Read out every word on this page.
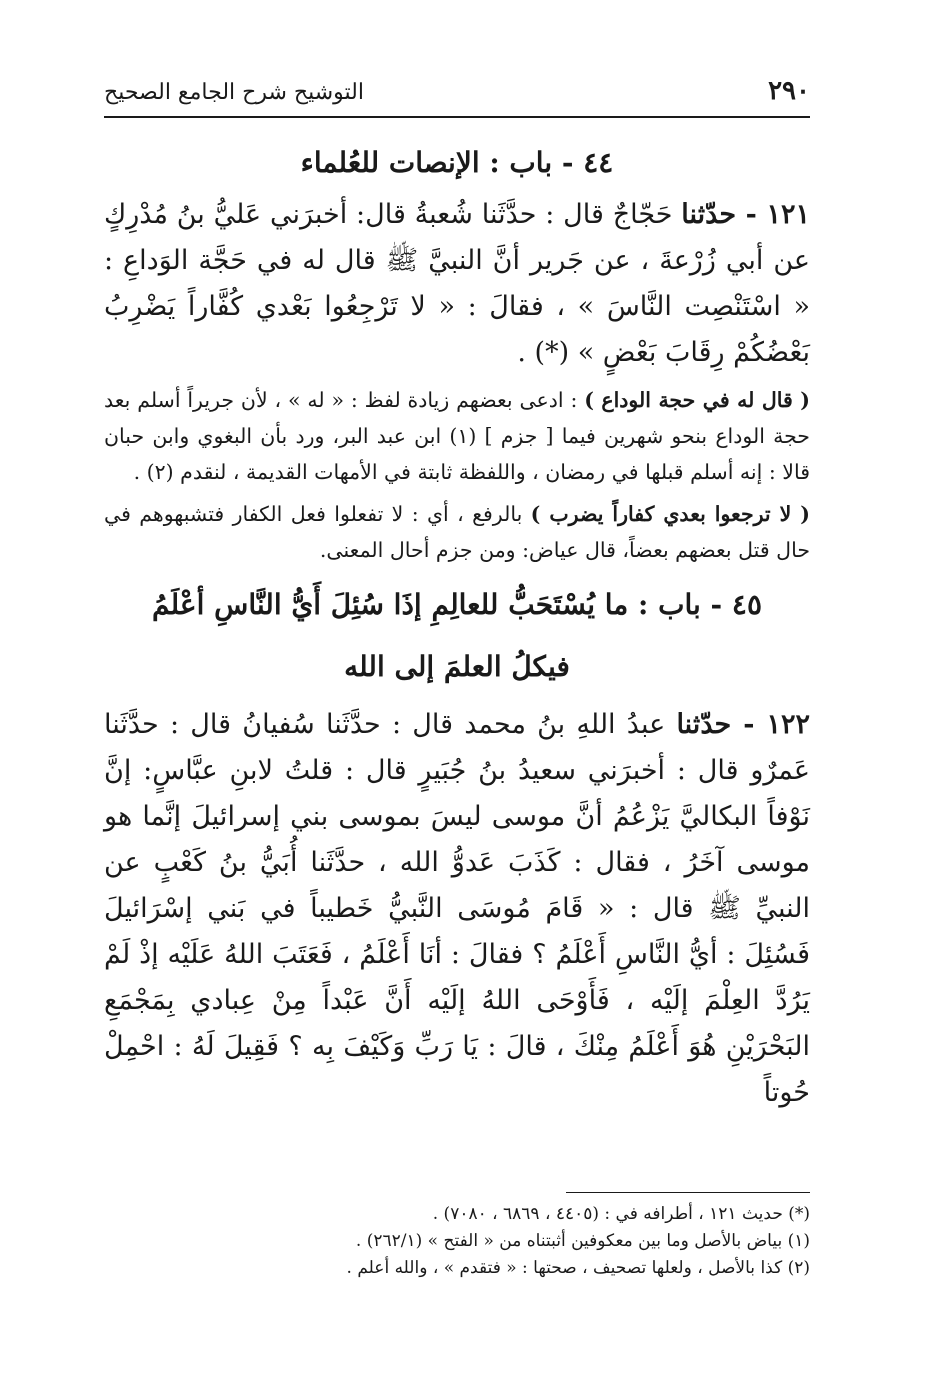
٢٩٠
التوشيح شرح الجامع الصحيح
٤٤ - باب : الإنصات للعُلماء

١٢١ - حدّثنا حَجّاجٌ قال : حدَّثَنا شُعبةُ قال: أخبرَني عَليُّ بنُ مُدْرِكٍ عن أبي زُرْعةَ ، عن جَرير أنَّ النبيَّ ﷺ قال له في حَجَّة الوَداعِ : « اسْتَنْصِت النَّاسَ » ، فقالَ : « لا تَرْجِعُوا بَعْدي كُفَّاراً يَضْرِبُ بَعْضُكُمْ رِقَابَ بَعْضٍ » (*) .

( قال له في حجة الوداع ) : ادعى بعضهم زيادة لفظ : « له » ، لأن جريراً أسلم بعد حجة الوداع بنحو شهرين فيما [ جزم ] (١) ابن عبد البر، ورد بأن البغوي وابن حبان قالا : إنه أسلم قبلها في رمضان ، واللفظة ثابتة في الأمهات القديمة ، لنقدم (٢) .

( لا ترجعوا بعدي كفاراً يضرب ) بالرفع ، أي : لا تفعلوا فعل الكفار فتشبهوهم في حال قتل بعضهم بعضاً، قال عياض: ومن جزم أحال المعنى.

٤٥ - باب : ما يُسْتَحَبُّ للعالِمِ إذَا سُئِلَ أَيُّ النَّاسِ أعْلَمُ
فيكلُ العلمَ إلى الله

١٢٢ - حدّثنا عبدُ اللهِ بنُ محمد قال : حدَّثَنا سُفيانُ قال : حدَّثَنا عَمرٌو قال : أخبرَني سعيدُ بنُ جُبَيرٍ قال : قلتُ لابنِ عبَّاسٍ: إنَّ نَوْفاً البكاليَّ يَزْعُمُ أنَّ موسى ليسَ بموسى بني إسرائيلَ إنَّما هو موسى آخَرُ ، فقال : كَذَبَ عَدوُّ الله ، حدَّثَنا أُبَيُّ بنُ كَعْبٍ عن النبيِّ ﷺ قال : « قَامَ مُوسَى النَّبيُّ خَطيباً في بَني إسْرَائيلَ فَسُئِلَ : أيُّ النَّاسِ أَعْلَمُ ؟ فقالَ : أنَا أَعْلَمُ ، فَعَتَبَ اللهُ عَلَيْه إذْ لَمْ يَرُدَّ العِلْمَ إلَيْه ، فَأَوْحَى اللهُ إلَيْه أَنَّ عَبْداً مِنْ عِبادي بِمَجْمَعِ البَحْرَيْنِ هُوَ أَعْلَمُ مِنْكَ ، قالَ : يَا رَبِّ وَكَيْفَ بِه ؟ فَقِيلَ لَهُ : احْمِلْ حُوتاً

(*) حديث ١٢١ ، أطرافه في : (٤٤٠٥ ، ٦٨٦٩ ، ٧٠٨٠) .

(١) بياض بالأصل وما بين معكوفين أثبتناه من « الفتح » (٢٦٢/١) .

(٢) كذا بالأصل ، ولعلها تصحيف ، صحتها : « فتقدم » ، والله أعلم .
